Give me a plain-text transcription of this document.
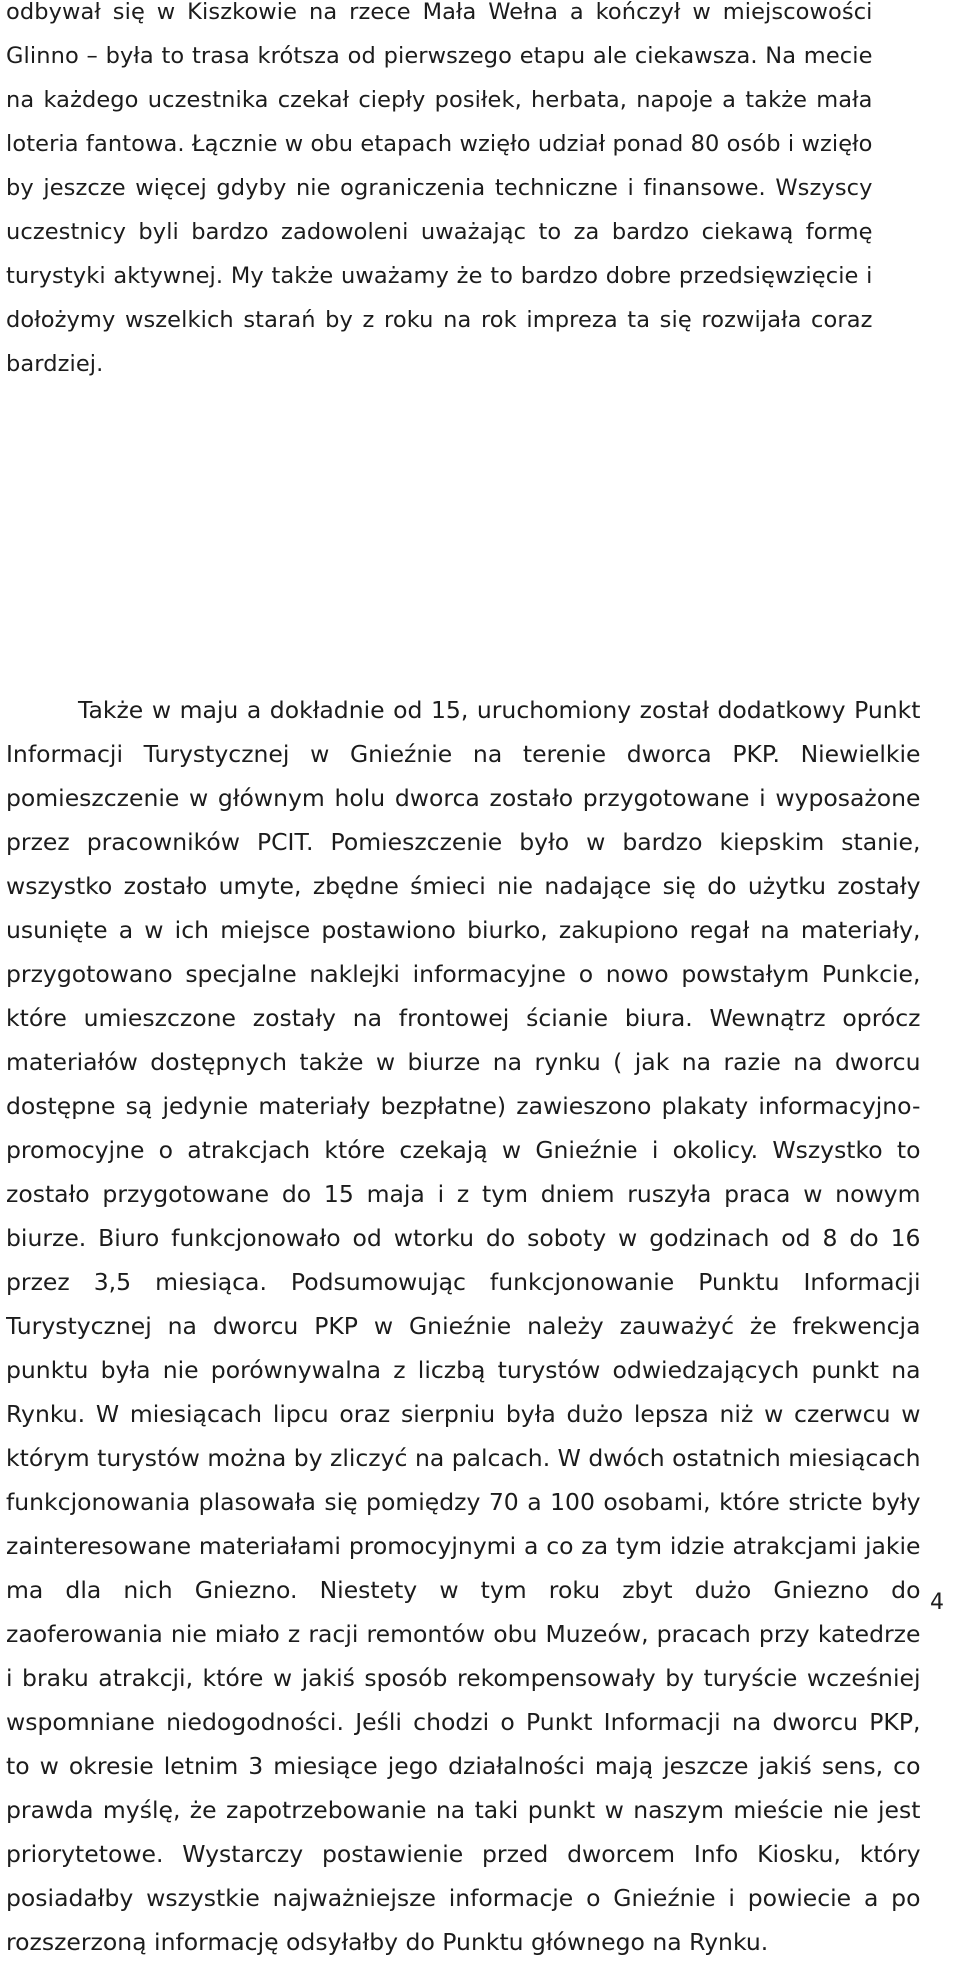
odbywał się w Kiszkowie na rzece Mała Wełna a kończył w miejscowości
Glinno – była to trasa krótsza od pierwszego etapu ale ciekawsza. Na mecie
na każdego uczestnika czekał ciepły posiłek, herbata, napoje a także mała
loteria fantowa. Łącznie w obu etapach wzięło udział ponad 80 osób i wzięło
by jeszcze więcej gdyby nie ograniczenia techniczne i finansowe. Wszyscy
uczestnicy byli bardzo zadowoleni uważając to za bardzo ciekawą formę
turystyki aktywnej. My także uważamy że to bardzo dobre przedsięwzięcie i
dołożymy wszelkich starań by z roku na rok impreza ta się rozwijała coraz
bardziej.
Także w maju a dokładnie od 15, uruchomiony został dodatkowy Punkt
Informacji Turystycznej w Gnieźnie na terenie dworca PKP. Niewielkie
pomieszczenie w głównym holu dworca zostało przygotowane i wyposażone
przez pracowników PCIT. Pomieszczenie było w bardzo kiepskim stanie,
wszystko zostało umyte, zbędne śmieci nie nadające się do użytku zostały
usunięte a w ich miejsce postawiono biurko, zakupiono regał na materiały,
przygotowano specjalne naklejki informacyjne o nowo powstałym Punkcie,
które umieszczone zostały na frontowej ścianie biura. Wewnątrz oprócz
materiałów dostępnych także w biurze na rynku ( jak na razie na dworcu
dostępne są jedynie materiały bezpłatne) zawieszono plakaty informacyjno-
promocyjne o atrakcjach które czekają w Gnieźnie i okolicy. Wszystko to
zostało przygotowane do 15 maja i z tym dniem ruszyła praca w nowym
biurze. Biuro funkcjonowało od wtorku do soboty w godzinach od 8 do 16
przez 3,5 miesiąca. Podsumowując funkcjonowanie Punktu Informacji
Turystycznej na dworcu PKP w Gnieźnie należy zauważyć że frekwencja
punktu była nie porównywalna z liczbą turystów odwiedzających punkt na
Rynku. W miesiącach lipcu oraz sierpniu była dużo lepsza niż w czerwcu w
którym turystów można by zliczyć na palcach. W dwóch ostatnich miesiącach
funkcjonowania plasowała się pomiędzy 70 a 100 osobami, które stricte były
zainteresowane materiałami promocyjnymi a co za tym idzie atrakcjami jakie
ma dla nich Gniezno. Niestety w tym roku zbyt dużo Gniezno do
zaoferowania nie miało z racji remontów obu Muzeów, pracach przy katedrze
i braku atrakcji, które w jakiś sposób rekompensowały by turyście wcześniej
wspomniane niedogodności. Jeśli chodzi o Punkt Informacji na dworcu PKP,
to w okresie letnim 3 miesiące jego działalności mają jeszcze jakiś sens, co
prawda myślę, że zapotrzebowanie na taki punkt w naszym mieście nie jest
priorytetowe. Wystarczy postawienie przed dworcem Info Kiosku, który
posiadałby wszystkie najważniejsze informacje o Gnieźnie i powiecie a po
rozszerzoną informację odsyłałby do Punktu głównego na Rynku.
4
